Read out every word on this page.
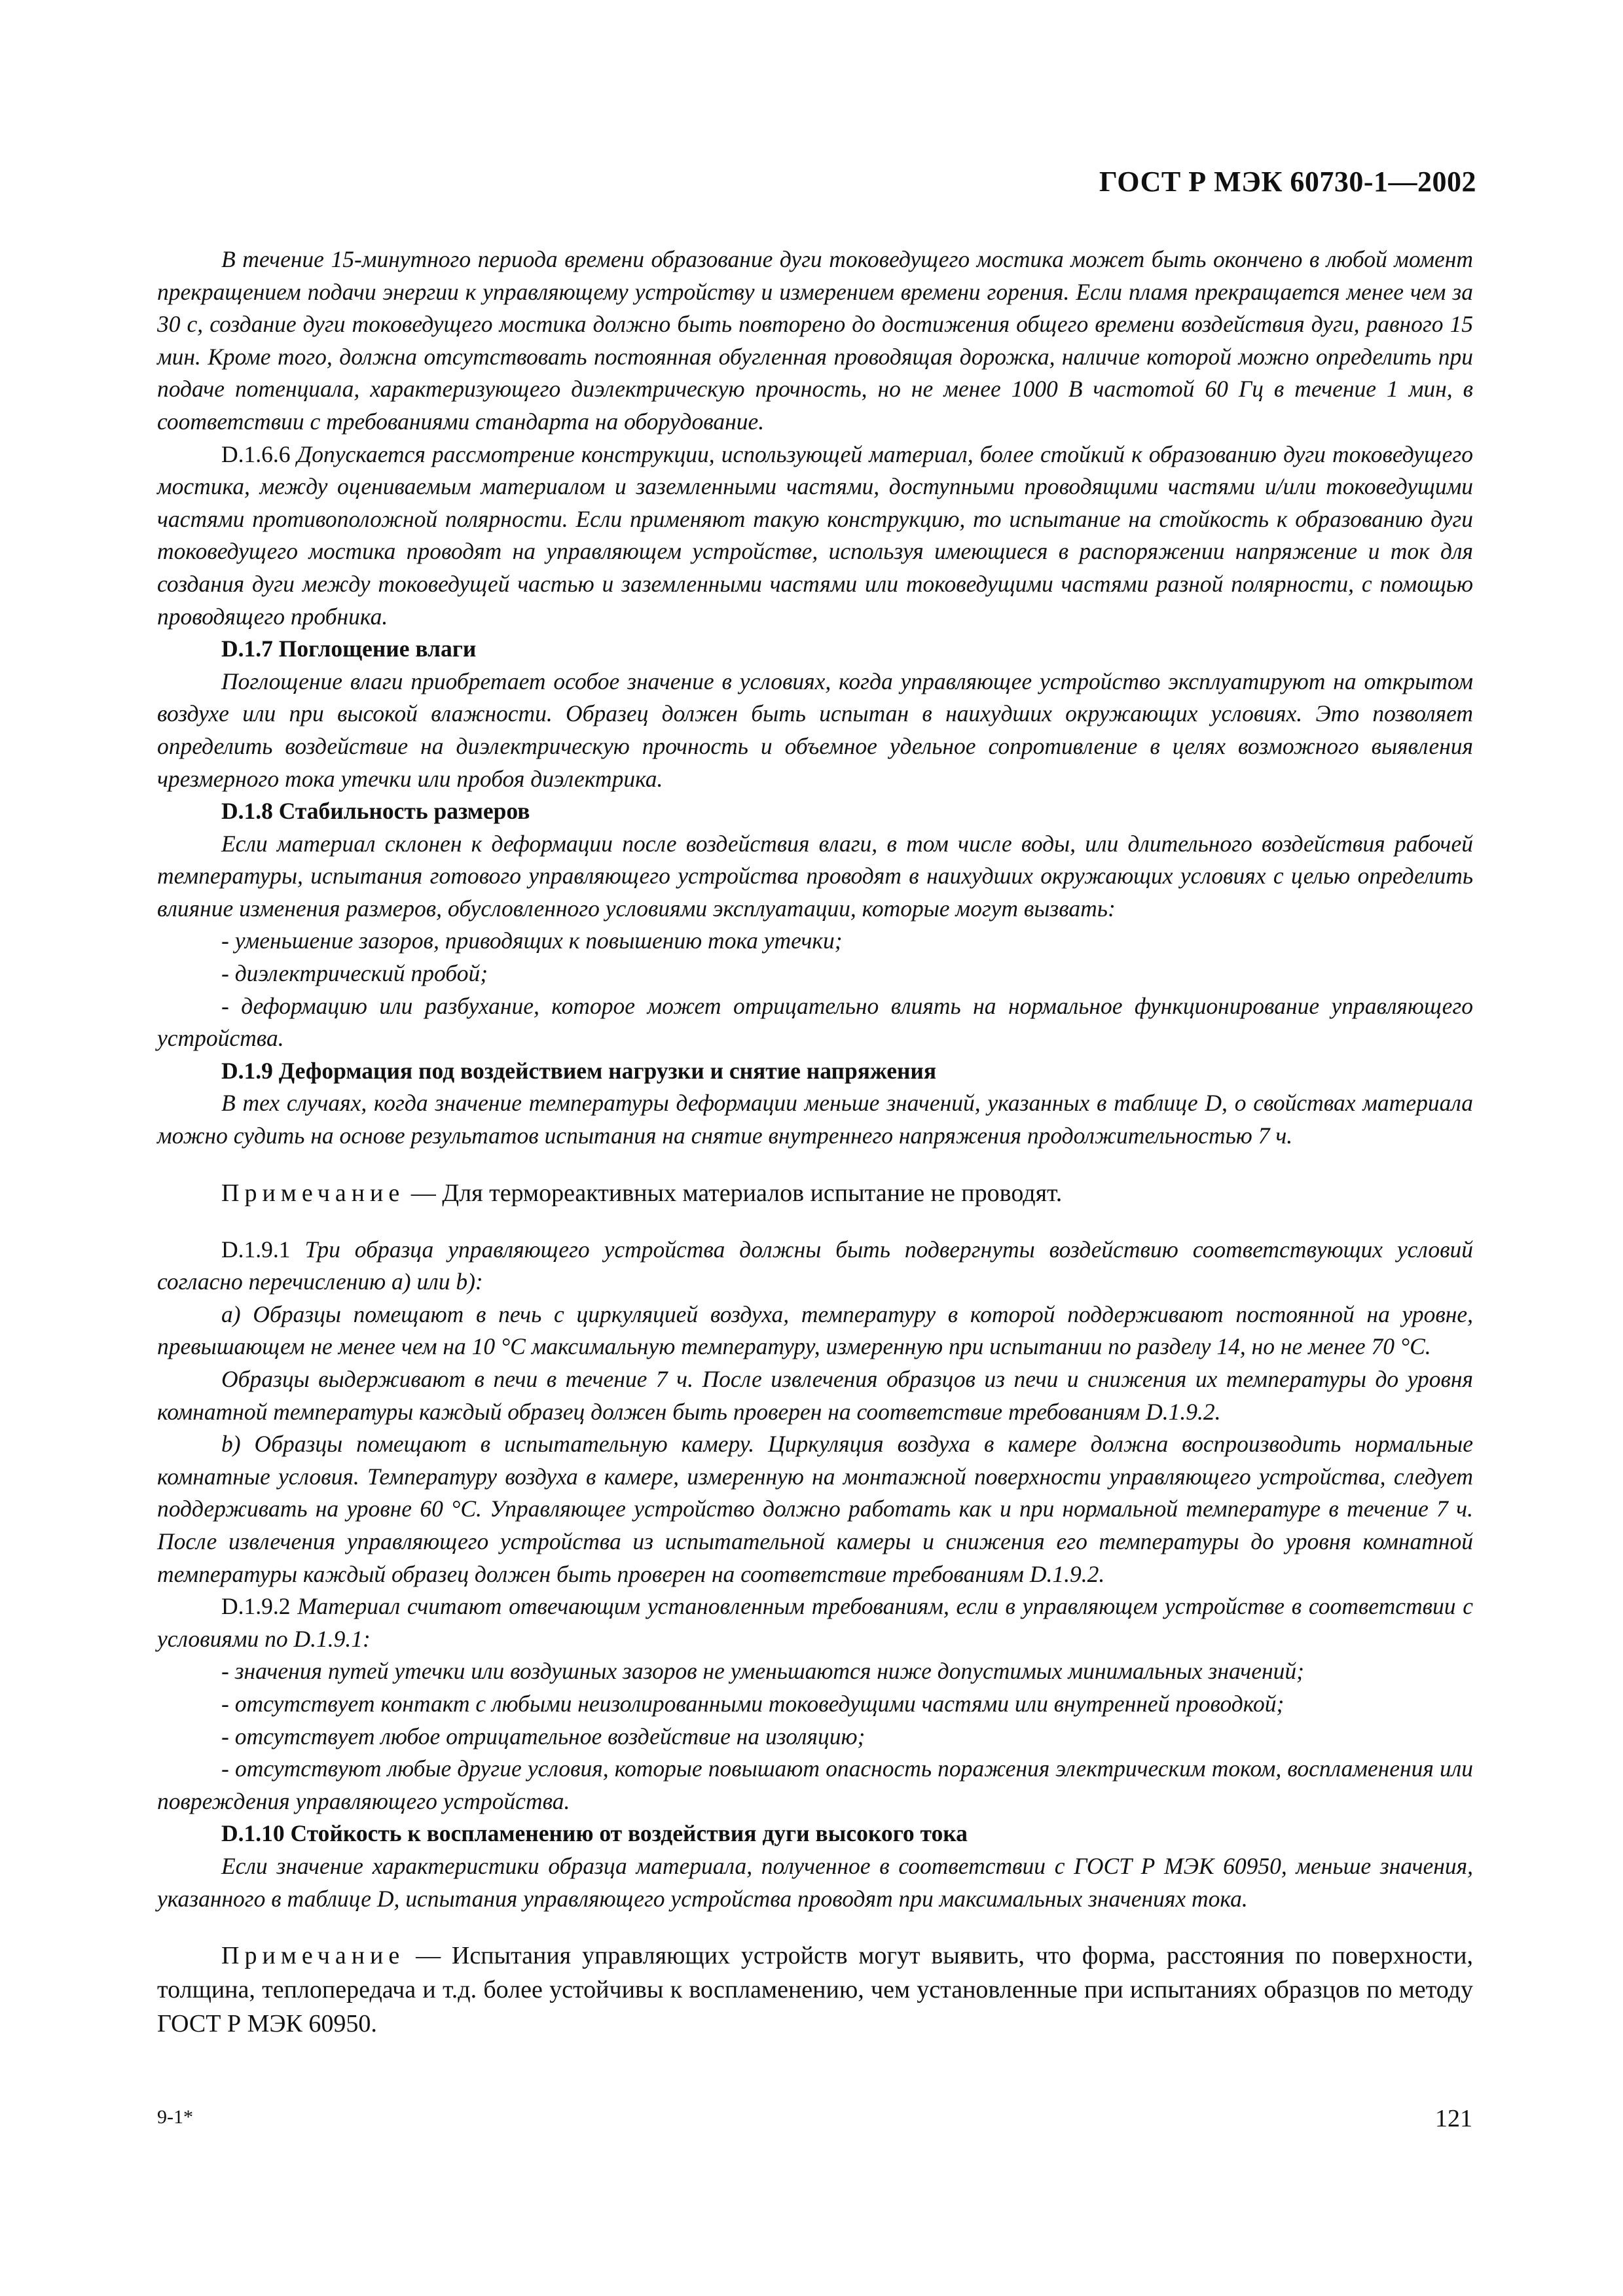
ГОСТ Р МЭК 60730-1—2002

В течение 15-минутного периода времени образование дуги токоведущего мостика может быть окончено в любой момент прекращением подачи энергии к управляющему устройству и измерением времени горения. Если пламя прекращается менее чем за 30 с, создание дуги токоведущего мостика должно быть повторено до достижения общего времени воздействия дуги, равного 15 мин. Кроме того, должна отсутствовать постоянная обугленная проводящая дорожка, наличие которой можно определить при подаче потенциала, характеризующего диэлектрическую прочность, но не менее 1000 В частотой 60 Гц в течение 1 мин, в соответствии с требованиями стандарта на оборудование.

D.1.6.6 Допускается рассмотрение конструкции, использующей материал, более стойкий к образованию дуги токоведущего мостика, между оцениваемым материалом и заземленными частями, доступными проводящими частями и/или токоведущими частями противоположной полярности. Если применяют такую конструкцию, то испытание на стойкость к образованию дуги токоведущего мостика проводят на управляющем устройстве, используя имеющиеся в распоряжении напряжение и ток для создания дуги между токоведущей частью и заземленными частями или токоведущими частями разной полярности, с помощью проводящего пробника.

D.1.7 Поглощение влаги

Поглощение влаги приобретает особое значение в условиях, когда управляющее устройство эксплуатируют на открытом воздухе или при высокой влажности. Образец должен быть испытан в наихудших окружающих условиях. Это позволяет определить воздействие на диэлектрическую прочность и объемное удельное сопротивление в целях возможного выявления чрезмерного тока утечки или пробоя диэлектрика.

D.1.8 Стабильность размеров

Если материал склонен к деформации после воздействия влаги, в том числе воды, или длительного воздействия рабочей температуры, испытания готового управляющего устройства проводят в наихудших окружающих условиях с целью определить влияние изменения размеров, обусловленного условиями эксплуатации, которые могут вызвать:

- уменьшение зазоров, приводящих к повышению тока утечки;

- диэлектрический пробой;

- деформацию или разбухание, которое может отрицательно влиять на нормальное функционирование управляющего устройства.

D.1.9 Деформация под воздействием нагрузки и снятие напряжения

В тех случаях, когда значение температуры деформации меньше значений, указанных в таблице D, о свойствах материала можно судить на основе результатов испытания на снятие внутреннего напряжения продолжительностью 7 ч.

Примечание — Для термореактивных материалов испытание не проводят.

D.1.9.1 Три образца управляющего устройства должны быть подвергнуты воздействию соответствующих условий согласно перечислению a) или b):

a) Образцы помещают в печь с циркуляцией воздуха, температуру в которой поддерживают постоянной на уровне, превышающем не менее чем на 10 °С максимальную температуру, измеренную при испытании по разделу 14, но не менее 70 °С.

Образцы выдерживают в печи в течение 7 ч. После извлечения образцов из печи и снижения их температуры до уровня комнатной температуры каждый образец должен быть проверен на соответствие требованиям D.1.9.2.

b) Образцы помещают в испытательную камеру. Циркуляция воздуха в камере должна воспроизводить нормальные комнатные условия. Температуру воздуха в камере, измеренную на монтажной поверхности управляющего устройства, следует поддерживать на уровне 60 °С. Управляющее устройство должно работать как и при нормальной температуре в течение 7 ч. После извлечения управляющего устройства из испытательной камеры и снижения его температуры до уровня комнатной температуры каждый образец должен быть проверен на соответствие требованиям D.1.9.2.

D.1.9.2 Материал считают отвечающим установленным требованиям, если в управляющем устройстве в соответствии с условиями по D.1.9.1:

- значения путей утечки или воздушных зазоров не уменьшаются ниже допустимых минимальных значений;

- отсутствует контакт с любыми неизолированными токоведущими частями или внутренней проводкой;

- отсутствует любое отрицательное воздействие на изоляцию;

- отсутствуют любые другие условия, которые повышают опасность поражения электрическим током, воспламенения или повреждения управляющего устройства.

D.1.10 Стойкость к воспламенению от воздействия дуги высокого тока

Если значение характеристики образца материала, полученное в соответствии с ГОСТ Р МЭК 60950, меньше значения, указанного в таблице D, испытания управляющего устройства проводят при максимальных значениях тока.

Примечание — Испытания управляющих устройств могут выявить, что форма, расстояния по поверхности, толщина, теплопередача и т.д. более устойчивы к воспламенению, чем установленные при испытаниях образцов по методу ГОСТ Р МЭК 60950.

9-1*	121
